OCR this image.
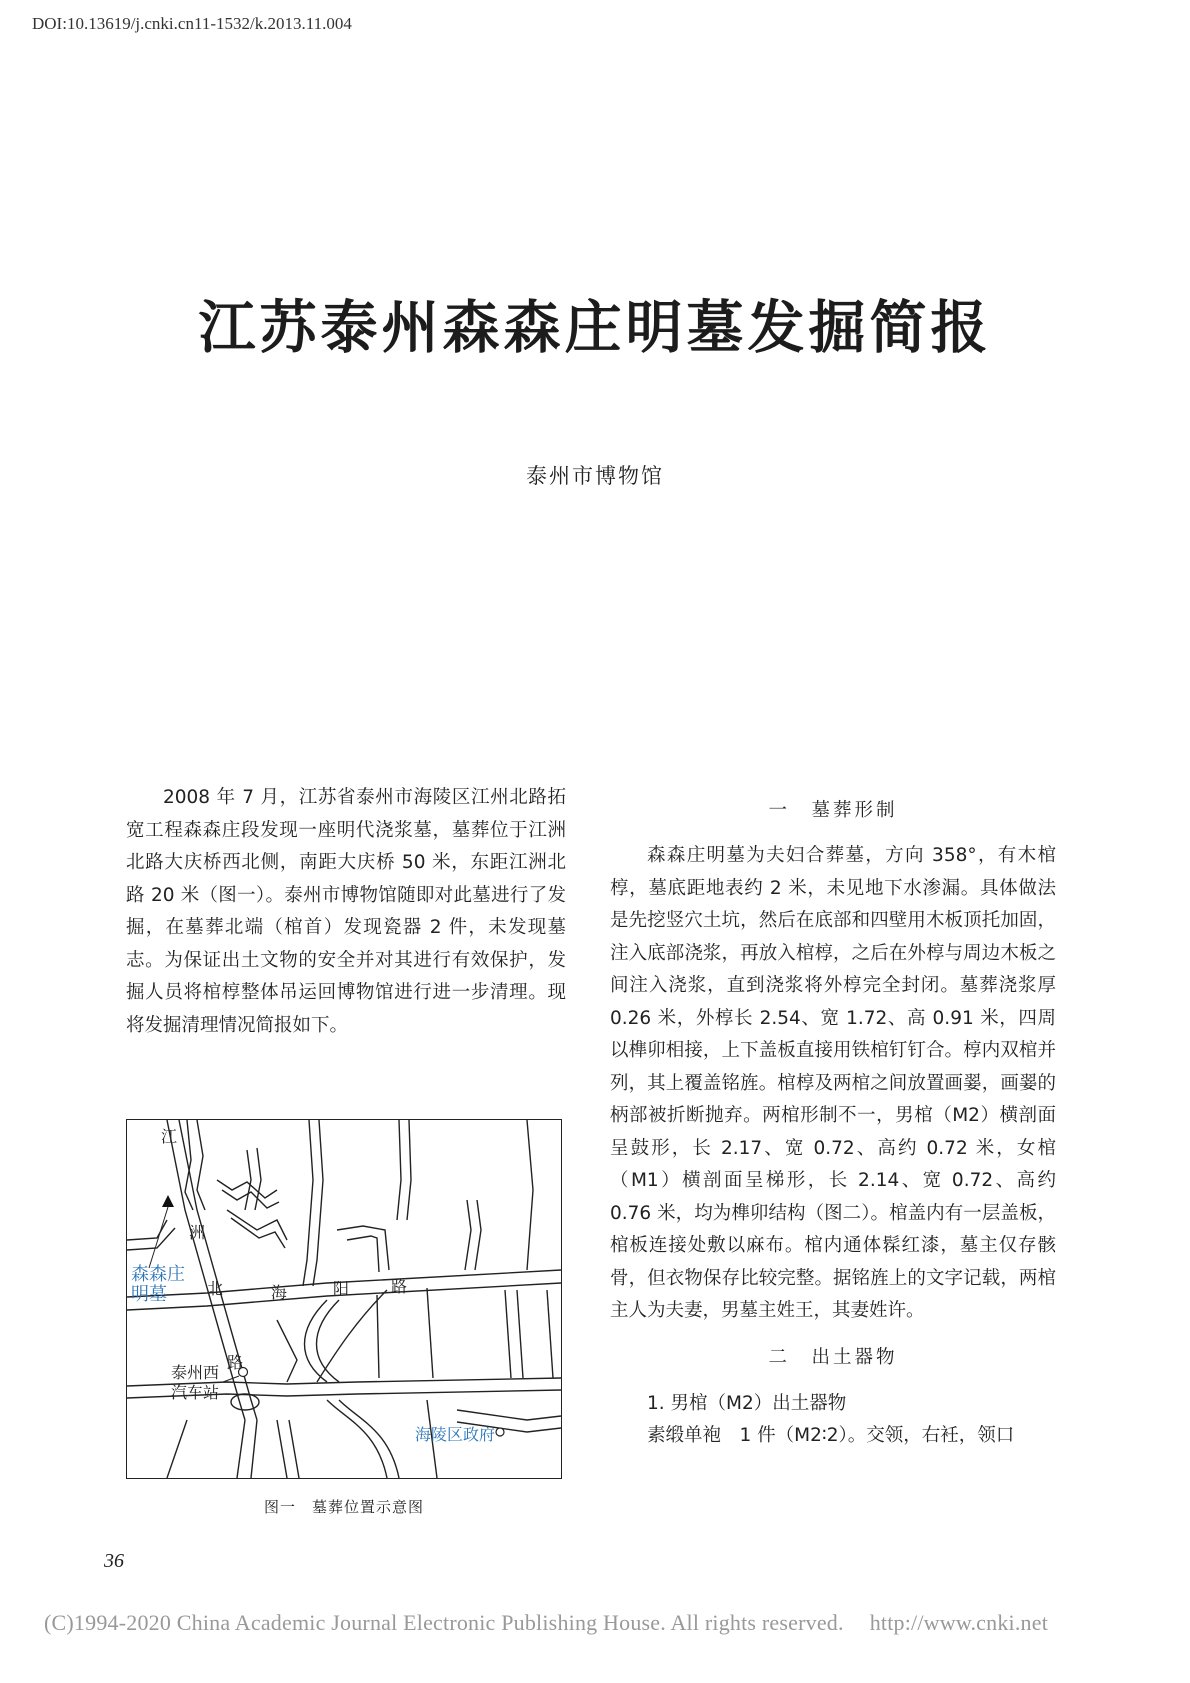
DOI:10.13619/j.cnki.cn11-1532/k.2013.11.004
江苏泰州森森庄明墓发掘简报
泰州市博物馆

2008 年 7 月，江苏省泰州市海陵区江州北路拓宽工程森森庄段发现一座明代浇浆墓，墓葬位于江洲北路大庆桥西北侧，南距大庆桥 50 米，东距江洲北路 20 米（图一）。泰州市博物馆随即对此墓进行了发掘，在墓葬北端（棺首）发现瓷器 2 件，未发现墓志。为保证出土文物的安全并对其进行有效保护，发掘人员将棺椁整体吊运回博物馆进行进一步清理。现将发掘清理情况简报如下。

江
洲
北
路
海	阳	路
森森庄
明墓
泰州西
汽车站
海陵区政府
图一　墓葬位置示意图

一　墓葬形制

森森庄明墓为夫妇合葬墓，方向 358°，有木棺椁，墓底距地表约 2 米，未见地下水渗漏。具体做法是先挖竖穴土坑，然后在底部和四壁用木板顶托加固，注入底部浇浆，再放入棺椁，之后在外椁与周边木板之间注入浇浆，直到浇浆将外椁完全封闭。墓葬浇浆厚 0.26 米，外椁长 2.54、宽 1.72、高 0.91 米，四周以榫卯相接，上下盖板直接用铁棺钉钉合。椁内双棺并列，其上覆盖铭旌。棺椁及两棺之间放置画翣，画翣的柄部被折断抛弃。两棺形制不一，男棺（M2）横剖面呈鼓形，长 2.17、宽 0.72、高约 0.72 米，女棺（M1）横剖面呈梯形，长 2.14、宽 0.72、高约 0.76 米，均为榫卯结构（图二）。棺盖内有一层盖板，棺板连接处敷以麻布。棺内通体髹红漆，墓主仅存骸骨，但衣物保存比较完整。据铭旌上的文字记载，两棺主人为夫妻，男墓主姓王，其妻姓许。

二　出土器物

1. 男棺（M2）出土器物

素缎单袍　1 件（M2∶2）。交领，右衽，领口

36
(C)1994-2020 China Academic Journal Electronic Publishing House. All rights reserved. http://www.cnki.net
